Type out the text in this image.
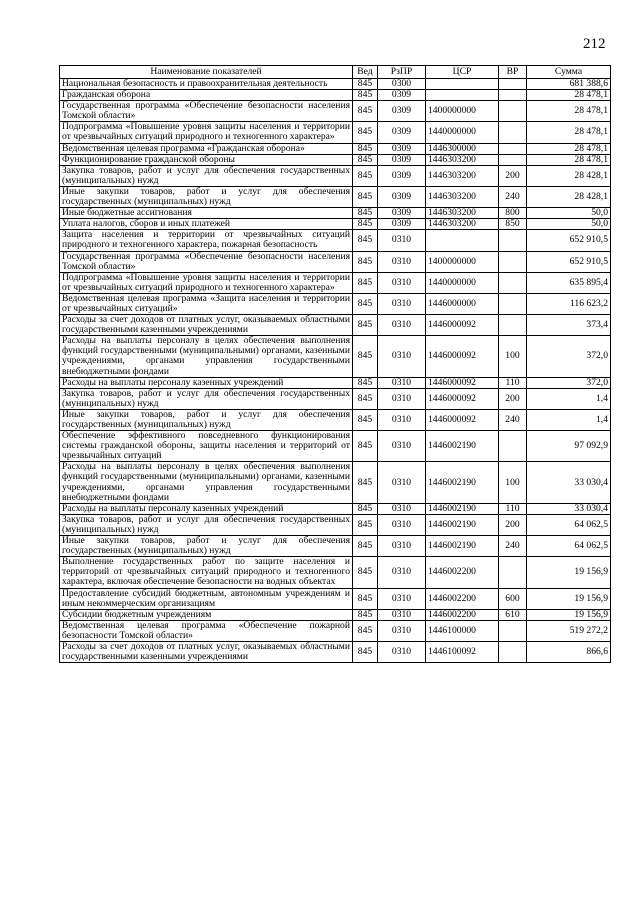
212
Наименование показателей	Вед	РзПР	ЦСР	ВР	Сумма
Национальная безопасность и правоохранительная деятельность	845	0300			681 388,6
Гражданская оборона	845	0309			28 478,1
Государственная программа «Обеспечение безопасности населения Томской области»	845	0309	1400000000		28 478,1
Подпрограмма «Повышение уровня защиты населения и территории от чрезвычайных ситуаций природного и техногенного характера»	845	0309	1440000000		28 478,1
Ведомственная целевая программа «Гражданская оборона»	845	0309	1446300000		28 478,1
Функционирование гражданской обороны	845	0309	1446303200		28 478,1
Закупка товаров, работ и услуг для обеспечения государственных (муниципальных) нужд	845	0309	1446303200	200	28 428,1
Иные закупки товаров, работ и услуг для обеспечения государственных (муниципальных) нужд	845	0309	1446303200	240	28 428,1
Иные бюджетные ассигнования	845	0309	1446303200	800	50,0
Уплата налогов, сборов и иных платежей	845	0309	1446303200	850	50,0
Защита населения и территории от чрезвычайных ситуаций природного и техногенного характера, пожарная безопасность	845	0310			652 910,5
Государственная программа «Обеспечение безопасности населения Томской области»	845	0310	1400000000		652 910,5
Подпрограмма «Повышение уровня защиты населения и территории от чрезвычайных ситуаций природного и техногенного характера»	845	0310	1440000000		635 895,4
Ведомственная целевая программа «Защита населения и территории от чрезвычайных ситуаций»	845	0310	1446000000		116 623,2
Расходы за счет доходов от платных услуг, оказываемых областными государственными казенными учреждениями	845	0310	1446000092		373,4
Расходы на выплаты персоналу в целях обеспечения выполнения функций государственными (муниципальными) органами, казенными учреждениями, органами управления государственными внебюджетными фондами	845	0310	1446000092	100	372,0
Расходы на выплаты персоналу казенных учреждений	845	0310	1446000092	110	372,0
Закупка товаров, работ и услуг для обеспечения государственных (муниципальных) нужд	845	0310	1446000092	200	1,4
Иные закупки товаров, работ и услуг для обеспечения государственных (муниципальных) нужд	845	0310	1446000092	240	1,4
Обеспечение эффективного повседневного функционирования системы гражданской обороны, защиты населения и территорий от чрезвычайных ситуаций	845	0310	1446002190		97 092,9
Расходы на выплаты персоналу в целях обеспечения выполнения функций государственными (муниципальными) органами, казенными учреждениями, органами управления государственными внебюджетными фондами	845	0310	1446002190	100	33 030,4
Расходы на выплаты персоналу казенных учреждений	845	0310	1446002190	110	33 030,4
Закупка товаров, работ и услуг для обеспечения государственных (муниципальных) нужд	845	0310	1446002190	200	64 062,5
Иные закупки товаров, работ и услуг для обеспечения государственных (муниципальных) нужд	845	0310	1446002190	240	64 062,5
Выполнение государственных работ по защите населения и территорий от чрезвычайных ситуаций природного и техногенного характера, включая обеспечение безопасности на водных объектах	845	0310	1446002200		19 156,9
Предоставление субсидий бюджетным, автономным учреждениям и иным некоммерческим организациям	845	0310	1446002200	600	19 156,9
Субсидии бюджетным учреждениям	845	0310	1446002200	610	19 156,9
Ведомственная целевая программа «Обеспечение пожарной безопасности Томской области»	845	0310	1446100000		519 272,2
Расходы за счет доходов от платных услуг, оказываемых областными государственными казенными учреждениями	845	0310	1446100092		866,6
